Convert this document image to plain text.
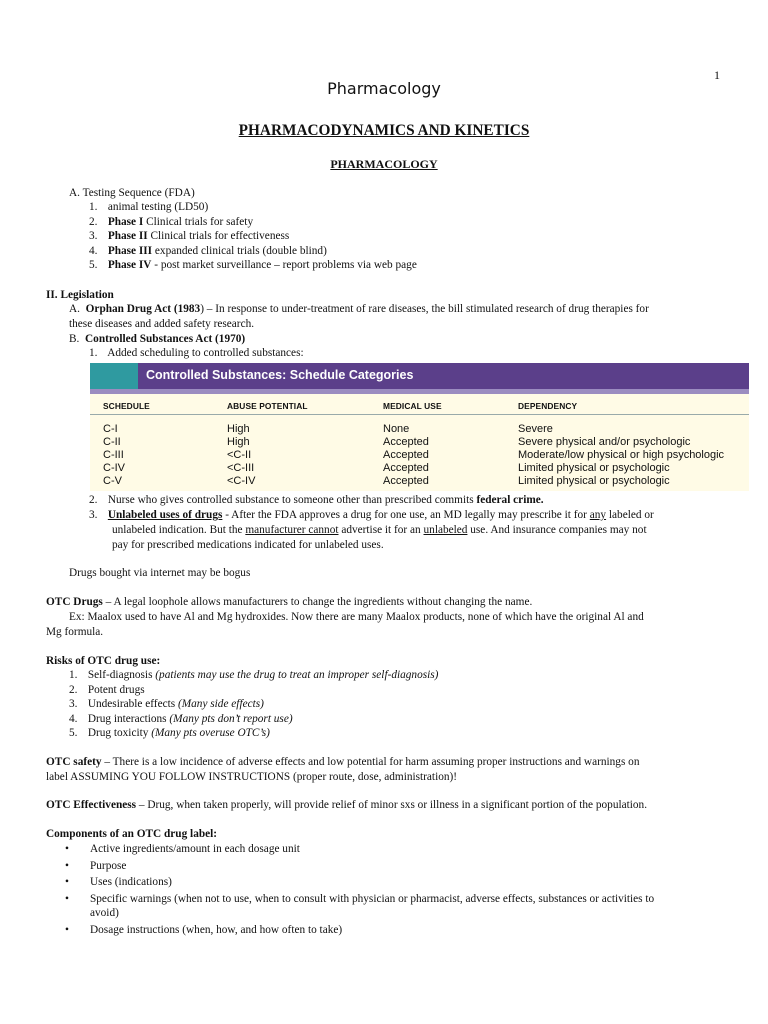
1
Pharmacology
PHARMACODYNAMICS AND KINETICS
PHARMACOLOGY
A. Testing Sequence (FDA)
1. animal testing (LD50)
2. Phase I Clinical trials for safety
3. Phase II Clinical trials for effectiveness
4. Phase III expanded clinical trials (double blind)
5. Phase IV - post market surveillance – report problems via web page
II. Legislation
A. Orphan Drug Act (1983) – In response to under-treatment of rare diseases, the bill stimulated research of drug therapies for
these diseases and added safety research.
B. Controlled Substances Act (1970)
1. Added scheduling to controlled substances:
Controlled Substances: Schedule Categories
SCHEDULE	ABUSE POTENTIAL	MEDICAL USE	DEPENDENCY
C-I	High	None	Severe
C-II	High	Accepted	Severe physical and/or psychologic
C-III	<C-II	Accepted	Moderate/low physical or high psychologic
C-IV	<C-III	Accepted	Limited physical or psychologic
C-V	<C-IV	Accepted	Limited physical or psychologic
2. Nurse who gives controlled substance to someone other than prescribed commits federal crime.
3. Unlabeled uses of drugs - After the FDA approves a drug for one use, an MD legally may prescribe it for any labeled or
unlabeled indication. But the manufacturer cannot advertise it for an unlabeled use. And insurance companies may not
pay for prescribed medications indicated for unlabeled uses.
Drugs bought via internet may be bogus
OTC Drugs – A legal loophole allows manufacturers to change the ingredients without changing the name.
Ex: Maalox used to have Al and Mg hydroxides. Now there are many Maalox products, none of which have the original Al and
Mg formula.
Risks of OTC drug use:
1. Self-diagnosis (patients may use the drug to treat an improper self-diagnosis)
2. Potent drugs
3. Undesirable effects (Many side effects)
4. Drug interactions (Many pts don’t report use)
5. Drug toxicity (Many pts overuse OTC’s)
OTC safety – There is a low incidence of adverse effects and low potential for harm assuming proper instructions and warnings on
label ASSUMING YOU FOLLOW INSTRUCTIONS (proper route, dose, administration)!
OTC Effectiveness – Drug, when taken properly, will provide relief of minor sxs or illness in a significant portion of the population.
Components of an OTC drug label:
• Active ingredients/amount in each dosage unit
• Purpose
• Uses (indications)
• Specific warnings (when not to use, when to consult with physician or pharmacist, adverse effects, substances or activities to
avoid)
• Dosage instructions (when, how, and how often to take)
